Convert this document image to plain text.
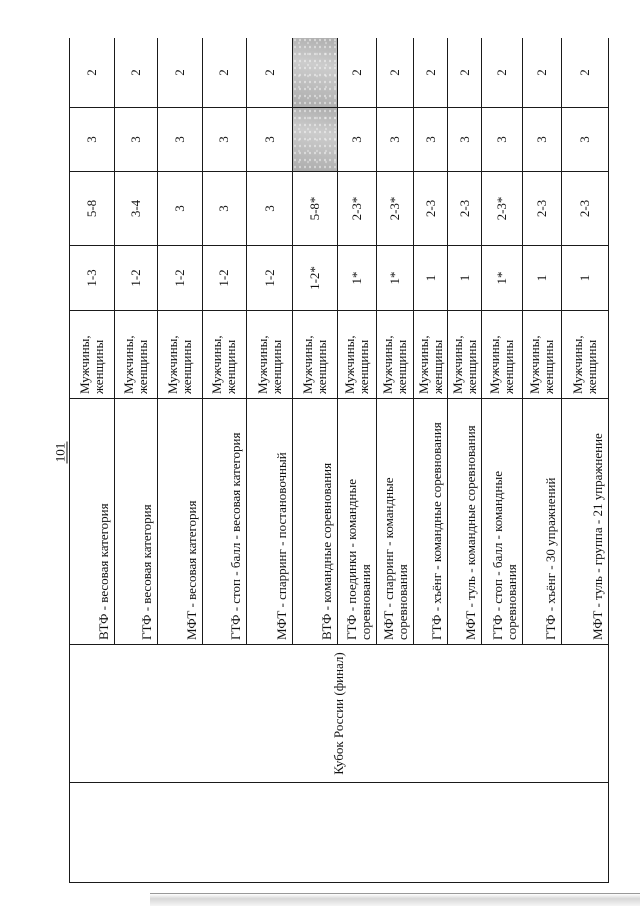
101
	Кубок России (финал)	ВТФ - весовая категория	Мужчины, женщины	1-3	5-8	3	2
		ГТФ - весовая категория	Мужчины, женщины	1-2	3-4	3	2
		МФТ - весовая категория	Мужчины, женщины	1-2	3	3	2
		ГТФ - стоп - балл - весовая категория	Мужчины, женщины	1-2	3	3	2
		МФТ - спарринг - постановочный	Мужчины, женщины	1-2	3	3	2
		ВТФ - командные соревнования	Мужчины, женщины	1-2*	5-8*		
		ГТФ - поединки - командные соревнования	Мужчины, женщины	1*	2-3*	3	2
		МФТ - спарринг - командные соревнования	Мужчины, женщины	1*	2-3*	3	2
		ГТФ - хъёнг - командные соревнования	Мужчины, женщины	1	2-3	3	2
		МФТ - туль - командные соревнования	Мужчины, женщины	1	2-3	3	2
		ГТФ - стоп - балл - командные соревнования	Мужчины, женщины	1*	2-3*	3	2
		ГТФ - хъёнг - 30 упражнений	Мужчины, женщины	1	2-3	3	2
		МФТ - туль - группа - 21 упражнение	Мужчины, женщины	1	2-3	3	2
